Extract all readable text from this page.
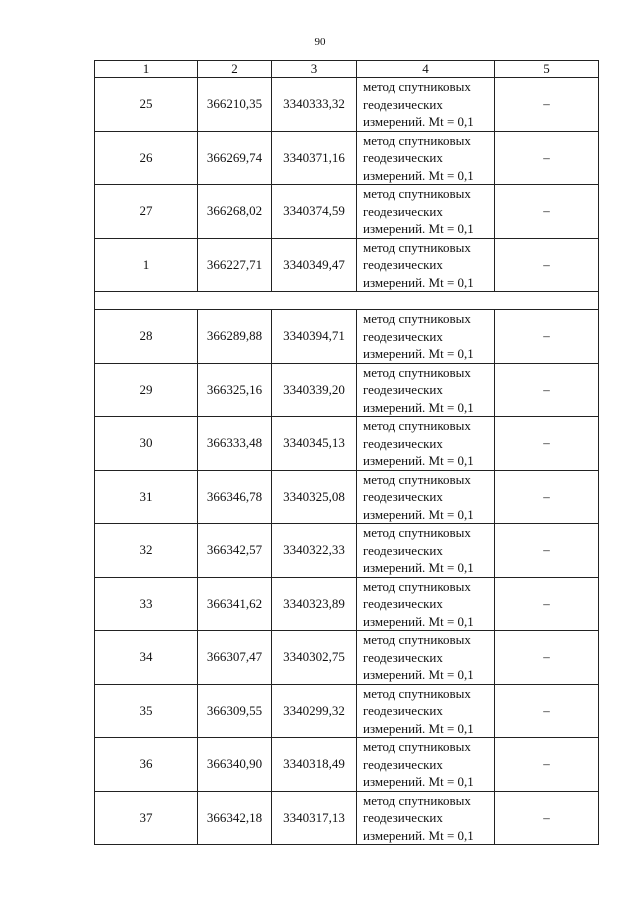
90
1	2	3	4	5
25	366210,35	3340333,32	метод спутниковых
геодезических
измерений. Mt = 0,1	–
26	366269,74	3340371,16	метод спутниковых
геодезических
измерений. Mt = 0,1	–
27	366268,02	3340374,59	метод спутниковых
геодезических
измерений. Mt = 0,1	–
1	366227,71	3340349,47	метод спутниковых
геодезических
измерений. Mt = 0,1	–

28	366289,88	3340394,71	метод спутниковых
геодезических
измерений. Mt = 0,1	–
29	366325,16	3340339,20	метод спутниковых
геодезических
измерений. Mt = 0,1	–
30	366333,48	3340345,13	метод спутниковых
геодезических
измерений. Mt = 0,1	–
31	366346,78	3340325,08	метод спутниковых
геодезических
измерений. Mt = 0,1	–
32	366342,57	3340322,33	метод спутниковых
геодезических
измерений. Mt = 0,1	–
33	366341,62	3340323,89	метод спутниковых
геодезических
измерений. Mt = 0,1	–
34	366307,47	3340302,75	метод спутниковых
геодезических
измерений. Mt = 0,1	–
35	366309,55	3340299,32	метод спутниковых
геодезических
измерений. Mt = 0,1	–
36	366340,90	3340318,49	метод спутниковых
геодезических
измерений. Mt = 0,1	–
37	366342,18	3340317,13	метод спутниковых
геодезических
измерений. Mt = 0,1	–
